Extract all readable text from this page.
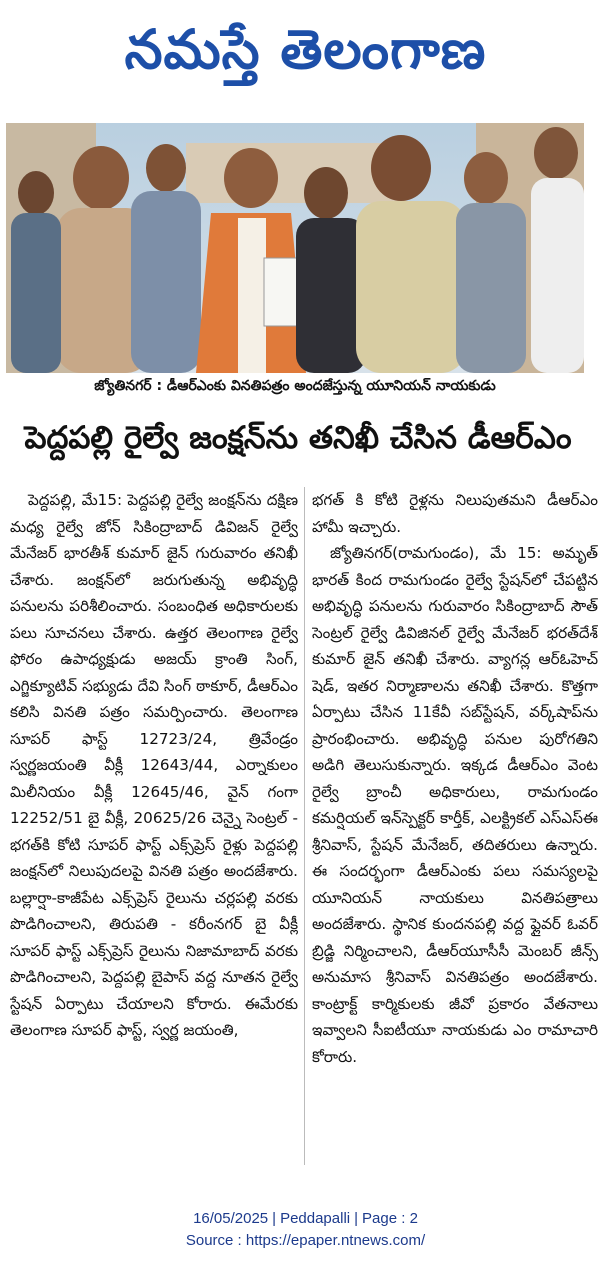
నమస్తే తెలంగాణ
జ్యోతినగర్ : డీఆర్‌ఎంకు వినతిపత్రం అందజేస్తున్న యూనియన్ నాయకుడు
పెద్దపల్లి రైల్వే జంక్షన్‌ను తనిఖీ చేసిన డీఆర్‌ఎం

పెద్దపల్లి, మే15: పెద్దపల్లి రైల్వే జంక్షన్‌ను దక్షిణ మధ్య రైల్వే జోన్ సికింద్రాబాద్ డివిజన్ రైల్వే మేనేజర్ భారతీశ్ కుమార్ జైన్ గురువారం తనిఖీ చేశారు. జంక్షన్‌లో జరుగుతున్న అభివృద్ధి పనులను పరిశీలించారు. సంబంధిత అధికారులకు పలు సూచనలు చేశారు. ఉత్తర తెలంగాణ రైల్వే ఫోరం ఉపాధ్యక్షుడు అజయ్ క్రాంతి సింగ్, ఎగ్జిక్యూటివ్ సభ్యుడు దేవి సింగ్ ఠాకూర్, డీఆర్‌ఎం కలిసి వినతి పత్రం సమర్పించారు. తెలంగాణ సూపర్ ఫాస్ట్ 12723/24, త్రివేండ్రం స్వర్ణజయంతి వీక్లీ 12643/44, ఎర్నాకులం మిలీనియం వీక్లీ 12645/46, వైన్ గంగా 12252/51 బై వీక్లీ, 20625/26 చెన్నై సెంట్రల్ - భగత్‌కి కోటి సూపర్ ఫాస్ట్ ఎక్స్‌ప్రెస్ రైళ్లు పెద్దపల్లి జంక్షన్‌లో నిలుపుదలపై వినతి పత్రం అందజేశారు. బల్లార్షా-కాజీపేట ఎక్స్‌ప్రెస్ రైలును చర్లపల్లి వరకు పొడిగించాలని, తిరుపతి - కరీంనగర్ బై వీక్లీ సూపర్ ఫాస్ట్ ఎక్స్‌ప్రెస్ రైలును నిజామాబాద్ వరకు పొడిగించాలని, పెద్దపల్లి బైపాస్ వద్ద నూతన రైల్వే స్టేషన్ ఏర్పాటు చేయాలని కోరారు. ఈమేరకు తెలంగాణ సూపర్ ఫాస్ట్, స్వర్ణ జయంతి,

భగత్ కి కోటి రైళ్లను నిలుపుతమని డీఆర్‌ఎం హామీ ఇచ్చారు.

జ్యోతినగర్(రామగుండం), మే 15: అమృత్ భారత్ కింద రామగుండం రైల్వే స్టేషన్‌లో చేపట్టిన అభివృద్ధి పనులను గురువారం సికింద్రాబాద్ సౌత్ సెంట్రల్ రైల్వే డివిజినల్ రైల్వే మేనేజర్ భరత్‌దేశ్ కుమార్ జైన్ తనిఖీ చేశారు. వ్యాగన్ల ఆర్‌ఓహెచ్ షెడ్, ఇతర నిర్మాణాలను తనిఖీ చేశారు. కొత్తగా ఏర్పాటు చేసిన 11కేవీ సబ్‌స్టేషన్, వర్క్‌షాప్‌ను ప్రారంభించారు. అభివృద్ధి పనుల పురోగతిని అడిగి తెలుసుకున్నారు. ఇక్కడ డీఆర్‌ఎం వెంట రైల్వే బ్రాంచీ అధికారులు, రామగుండం కమర్షియల్ ఇన్‌స్పెక్టర్ కార్తీక్, ఎలక్ట్రికల్ ఎస్‌ఎస్‌ఈ శ్రీనివాస్, స్టేషన్ మేనేజర్, తదితరులు ఉన్నారు. ఈ సందర్భంగా డీఆర్‌ఎంకు పలు సమస్యలపై యూనియన్ నాయకులు వినతిపత్రాలు అందజేశారు. స్థానిక కుందనపల్లి వద్ద ఫ్లైవర్ ఓవర్ బ్రిడ్జి నిర్మించాలని, డీఆర్‌యూసీసీ మెంబర్ జీన్స్ అనుమాస శ్రీనివాస్ వినతిపత్రం అందజేశారు. కాంట్రాక్ట్ కార్మికులకు జీవో ప్రకారం వేతనాలు ఇవ్వాలని సీఐటీయూ నాయకుడు ఎం రామాచారి కోరారు.

16/05/2025 | Peddapalli | Page : 2
Source : https://epaper.ntnews.com/
